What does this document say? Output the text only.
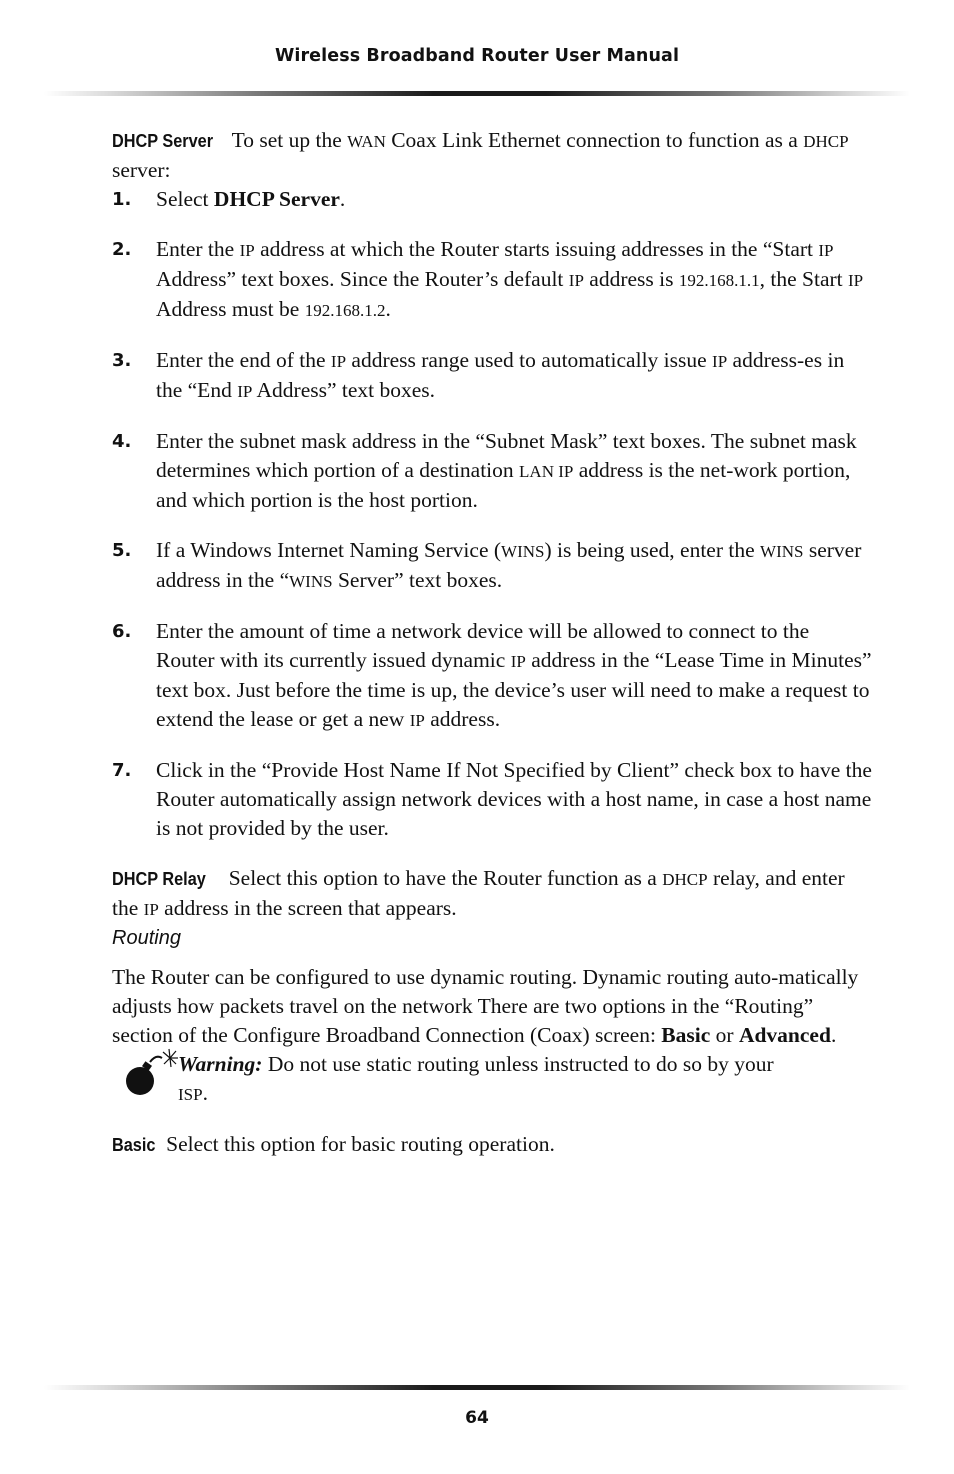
Wireless Broadband Router User Manual

DHCP Server To set up the WAN Coax Link Ethernet connection to function as a DHCP server:

1. Select DHCP Server.
2. Enter the IP address at which the Router starts issuing addresses in the “Start IP Address” text boxes. Since the Router’s default IP address is 192.168.1.1, the Start IP Address must be 192.168.1.2.
3. Enter the end of the IP address range used to automatically issue IP address-es in the “End IP Address” text boxes.
4. Enter the subnet mask address in the “Subnet Mask” text boxes. The subnet mask determines which portion of a destination LAN IP address is the net-work portion, and which portion is the host portion.
5. If a Windows Internet Naming Service (WINS) is being used, enter the WINS server address in the “WINS Server” text boxes.
6. Enter the amount of time a network device will be allowed to connect to the Router with its currently issued dynamic IP address in the “Lease Time in Minutes” text box. Just before the time is up, the device’s user will need to make a request to extend the lease or get a new IP address.
7. Click in the “Provide Host Name If Not Specified by Client” check box to have the Router automatically assign network devices with a host name, in case a host name is not provided by the user.

DHCP Relay Select this option to have the Router function as a DHCP relay, and enter the IP address in the screen that appears.

Routing

The Router can be configured to use dynamic routing. Dynamic routing auto-matically adjusts how packets travel on the network There are two options in the “Routing” section of the Configure Broadband Connection (Coax) screen: Basic or Advanced.

Warning: Do not use static routing unless instructed to do so by your ISP.

Basic Select this option for basic routing operation.

64
